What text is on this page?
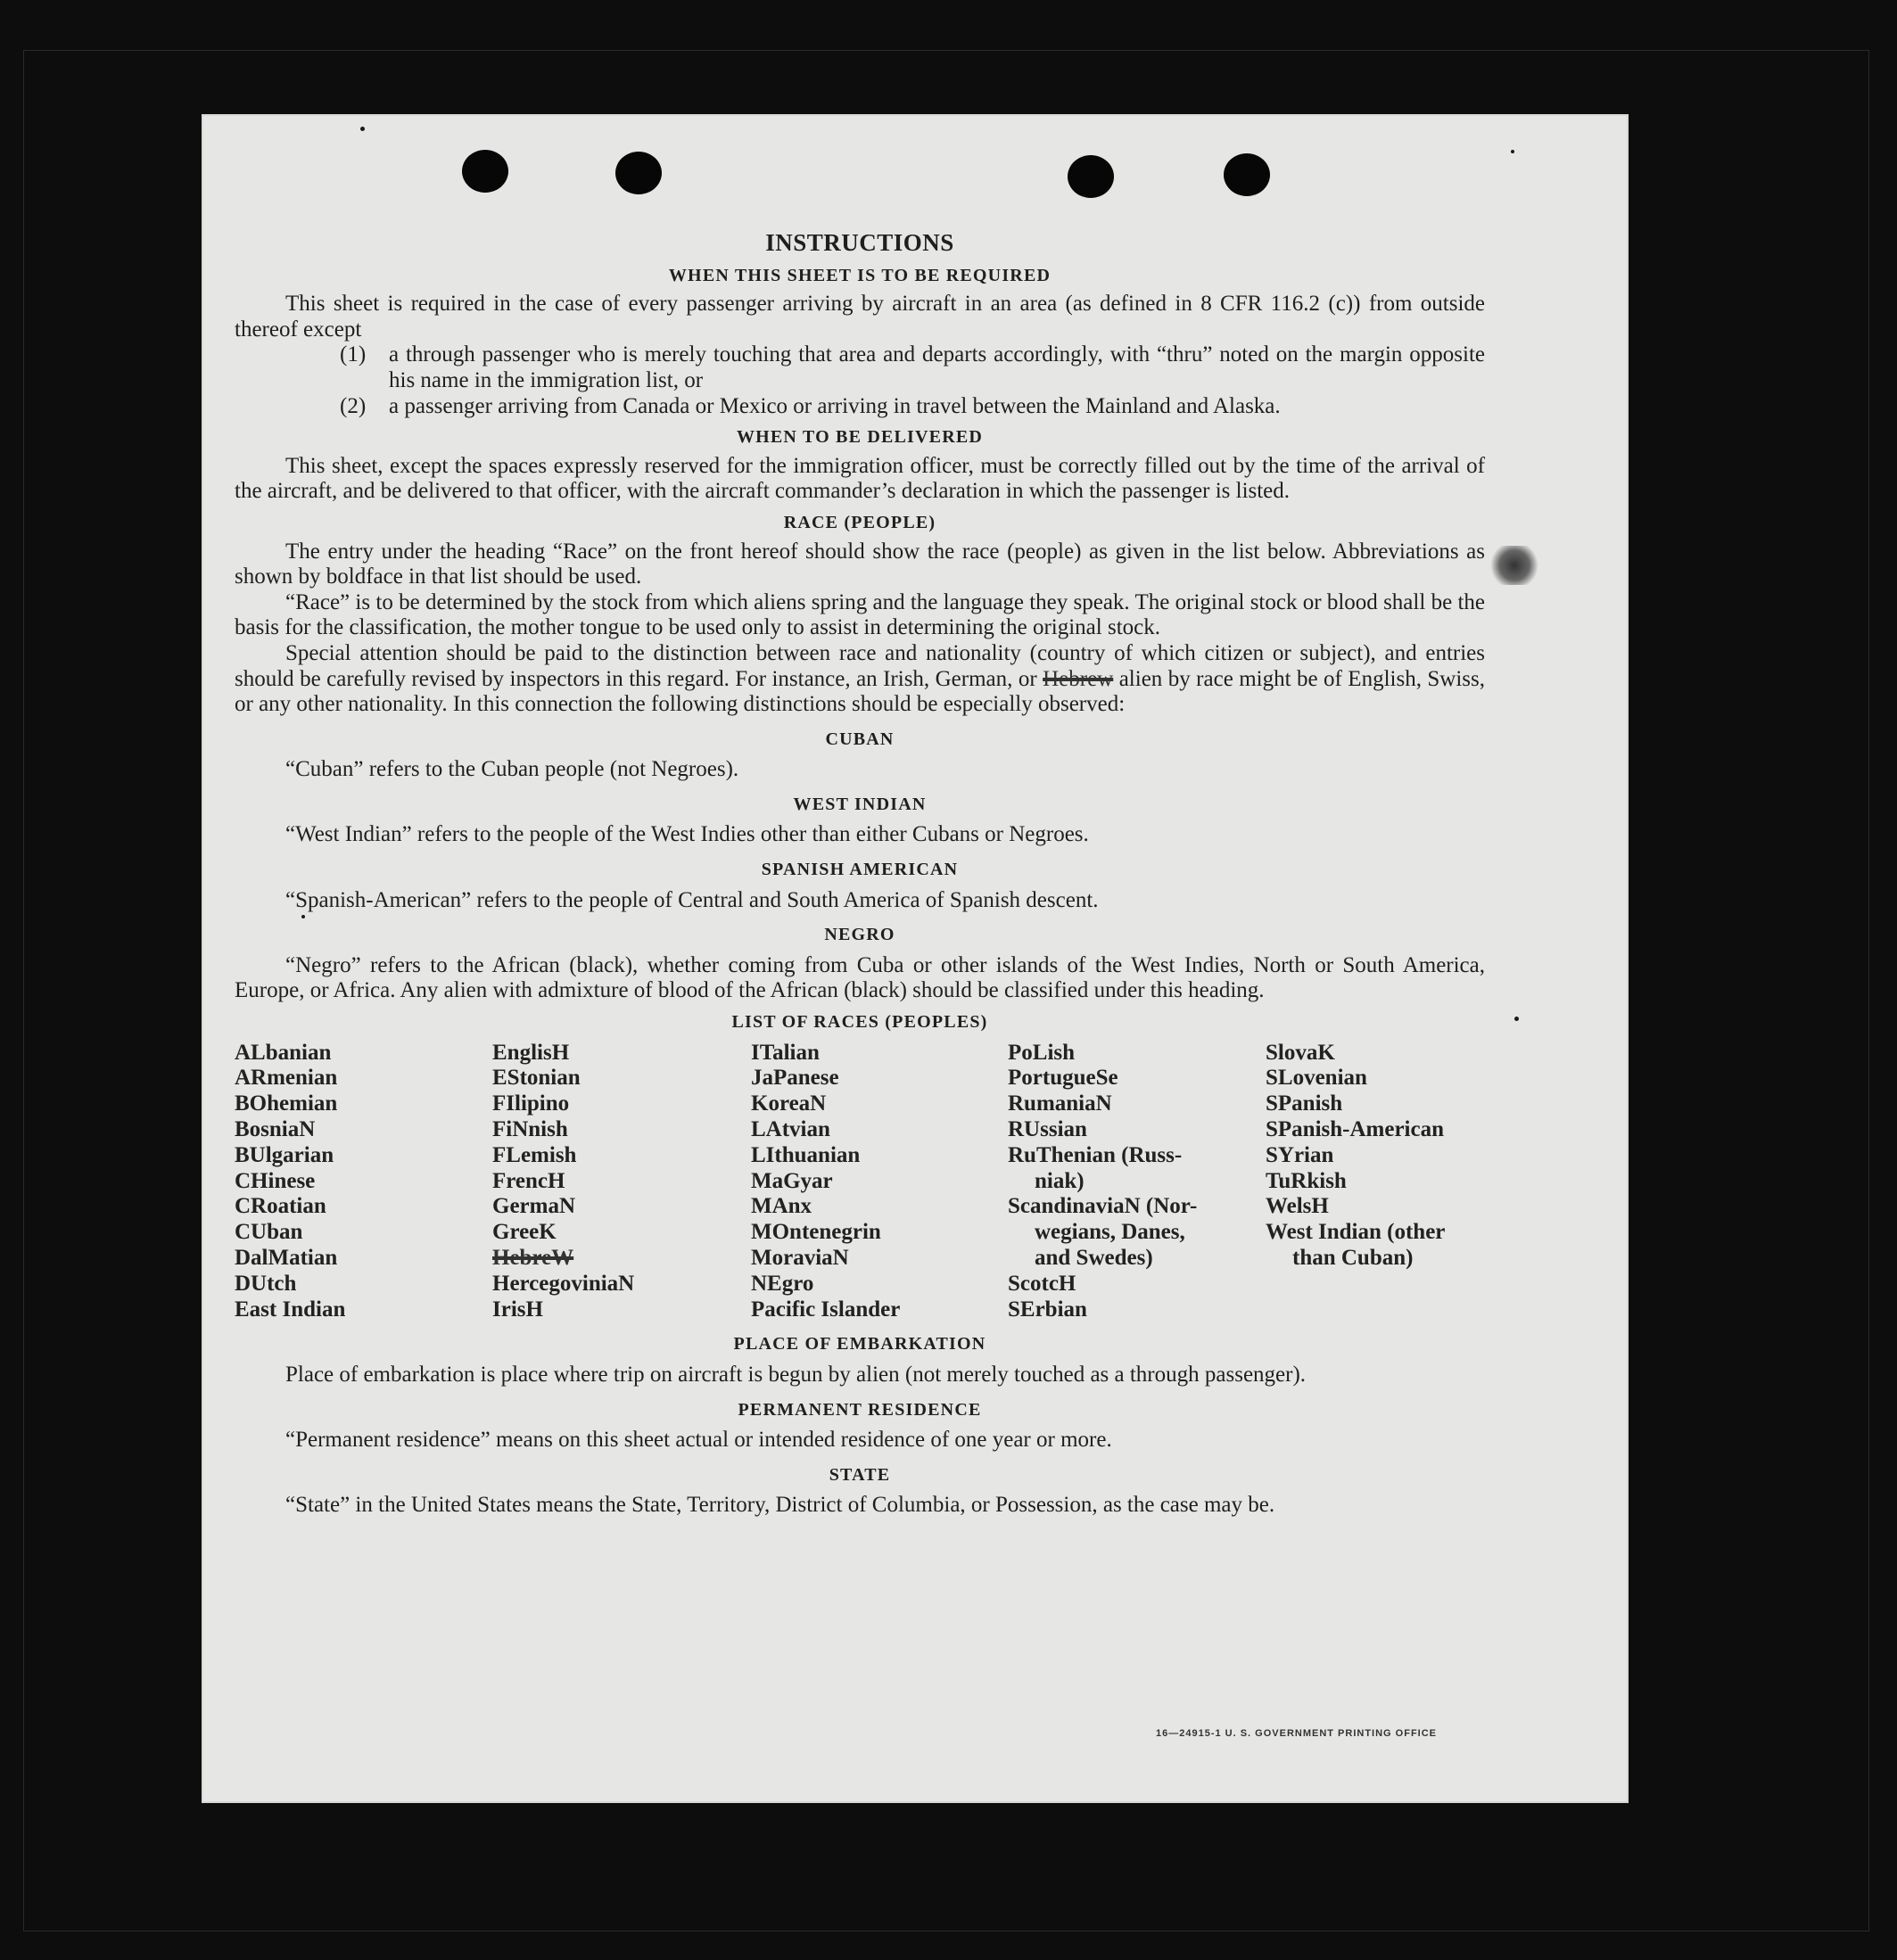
INSTRUCTIONS
WHEN THIS SHEET IS TO BE REQUIRED

This sheet is required in the case of every passenger arriving by aircraft in an area (as defined in 8 CFR 116.2 (c)) from outside thereof except

(1)	a through passenger who is merely touching that area and departs accordingly, with “thru” noted on the margin opposite his name in the immigration list, or
(2)	a passenger arriving from Canada or Mexico or arriving in travel between the Mainland and Alaska.
WHEN TO BE DELIVERED

This sheet, except the spaces expressly reserved for the immigration officer, must be correctly filled out by the time of the arrival of the aircraft, and be delivered to that officer, with the aircraft commander’s declaration in which the passenger is listed.

RACE (PEOPLE)

The entry under the heading “Race” on the front hereof should show the race (people) as given in the list below. Abbreviations as shown by boldface in that list should be used.

“Race” is to be determined by the stock from which aliens spring and the language they speak. The original stock or blood shall be the basis for the classification, the mother tongue to be used only to assist in determining the original stock.

Special attention should be paid to the distinction between race and nationality (country of which citizen or subject), and entries should be carefully revised by inspectors in this regard. For instance, an Irish, German, or Hebrew alien by race might be of English, Swiss, or any other nationality. In this connection the following distinctions should be especially observed:

CUBAN

“Cuban” refers to the Cuban people (not Negroes).

WEST INDIAN

“West Indian” refers to the people of the West Indies other than either Cubans or Negroes.

SPANISH AMERICAN

“Spanish-American” refers to the people of Central and South America of Spanish descent.

NEGRO

“Negro” refers to the African (black), whether coming from Cuba or other islands of the West Indies, North or South America, Europe, or Africa. Any alien with admixture of blood of the African (black) should be classified under this heading.

LIST OF RACES (PEOPLES)
ALbanian
ARmenian
BOhemian
BosniaN
BUlgarian
CHinese
CRoatian
CUban
DalMatian
DUtch
East Indian
EnglisH
EStonian
FIlipino
FiNnish
FLemish
FrencH
GermaN
GreeK
HebreW
HercegoviniaN
IrisH
ITalian
JaPanese
KoreaN
LAtvian
LIthuanian
MaGyar
MAnx
MOntenegrin
MoraviaN
NEgro
Pacific Islander
PoLish
PortugueSe
RumaniaN
RUssian
RuThenian (Russ-
niak)
ScandinaviaN (Nor-
wegians, Danes,
and Swedes)
ScotcH
SErbian
SlovaK
SLovenian
SPanish
SPanish-American
SYrian
TuRkish
WelsH
West Indian (other
than Cuban)
PLACE OF EMBARKATION

Place of embarkation is place where trip on aircraft is begun by alien (not merely touched as a through passenger).

PERMANENT RESIDENCE

“Permanent residence” means on this sheet actual or intended residence of one year or more.

STATE

“State” in the United States means the State, Territory, District of Columbia, or Possession, as the case may be.

16—24915-1 U. S. GOVERNMENT PRINTING OFFICE
